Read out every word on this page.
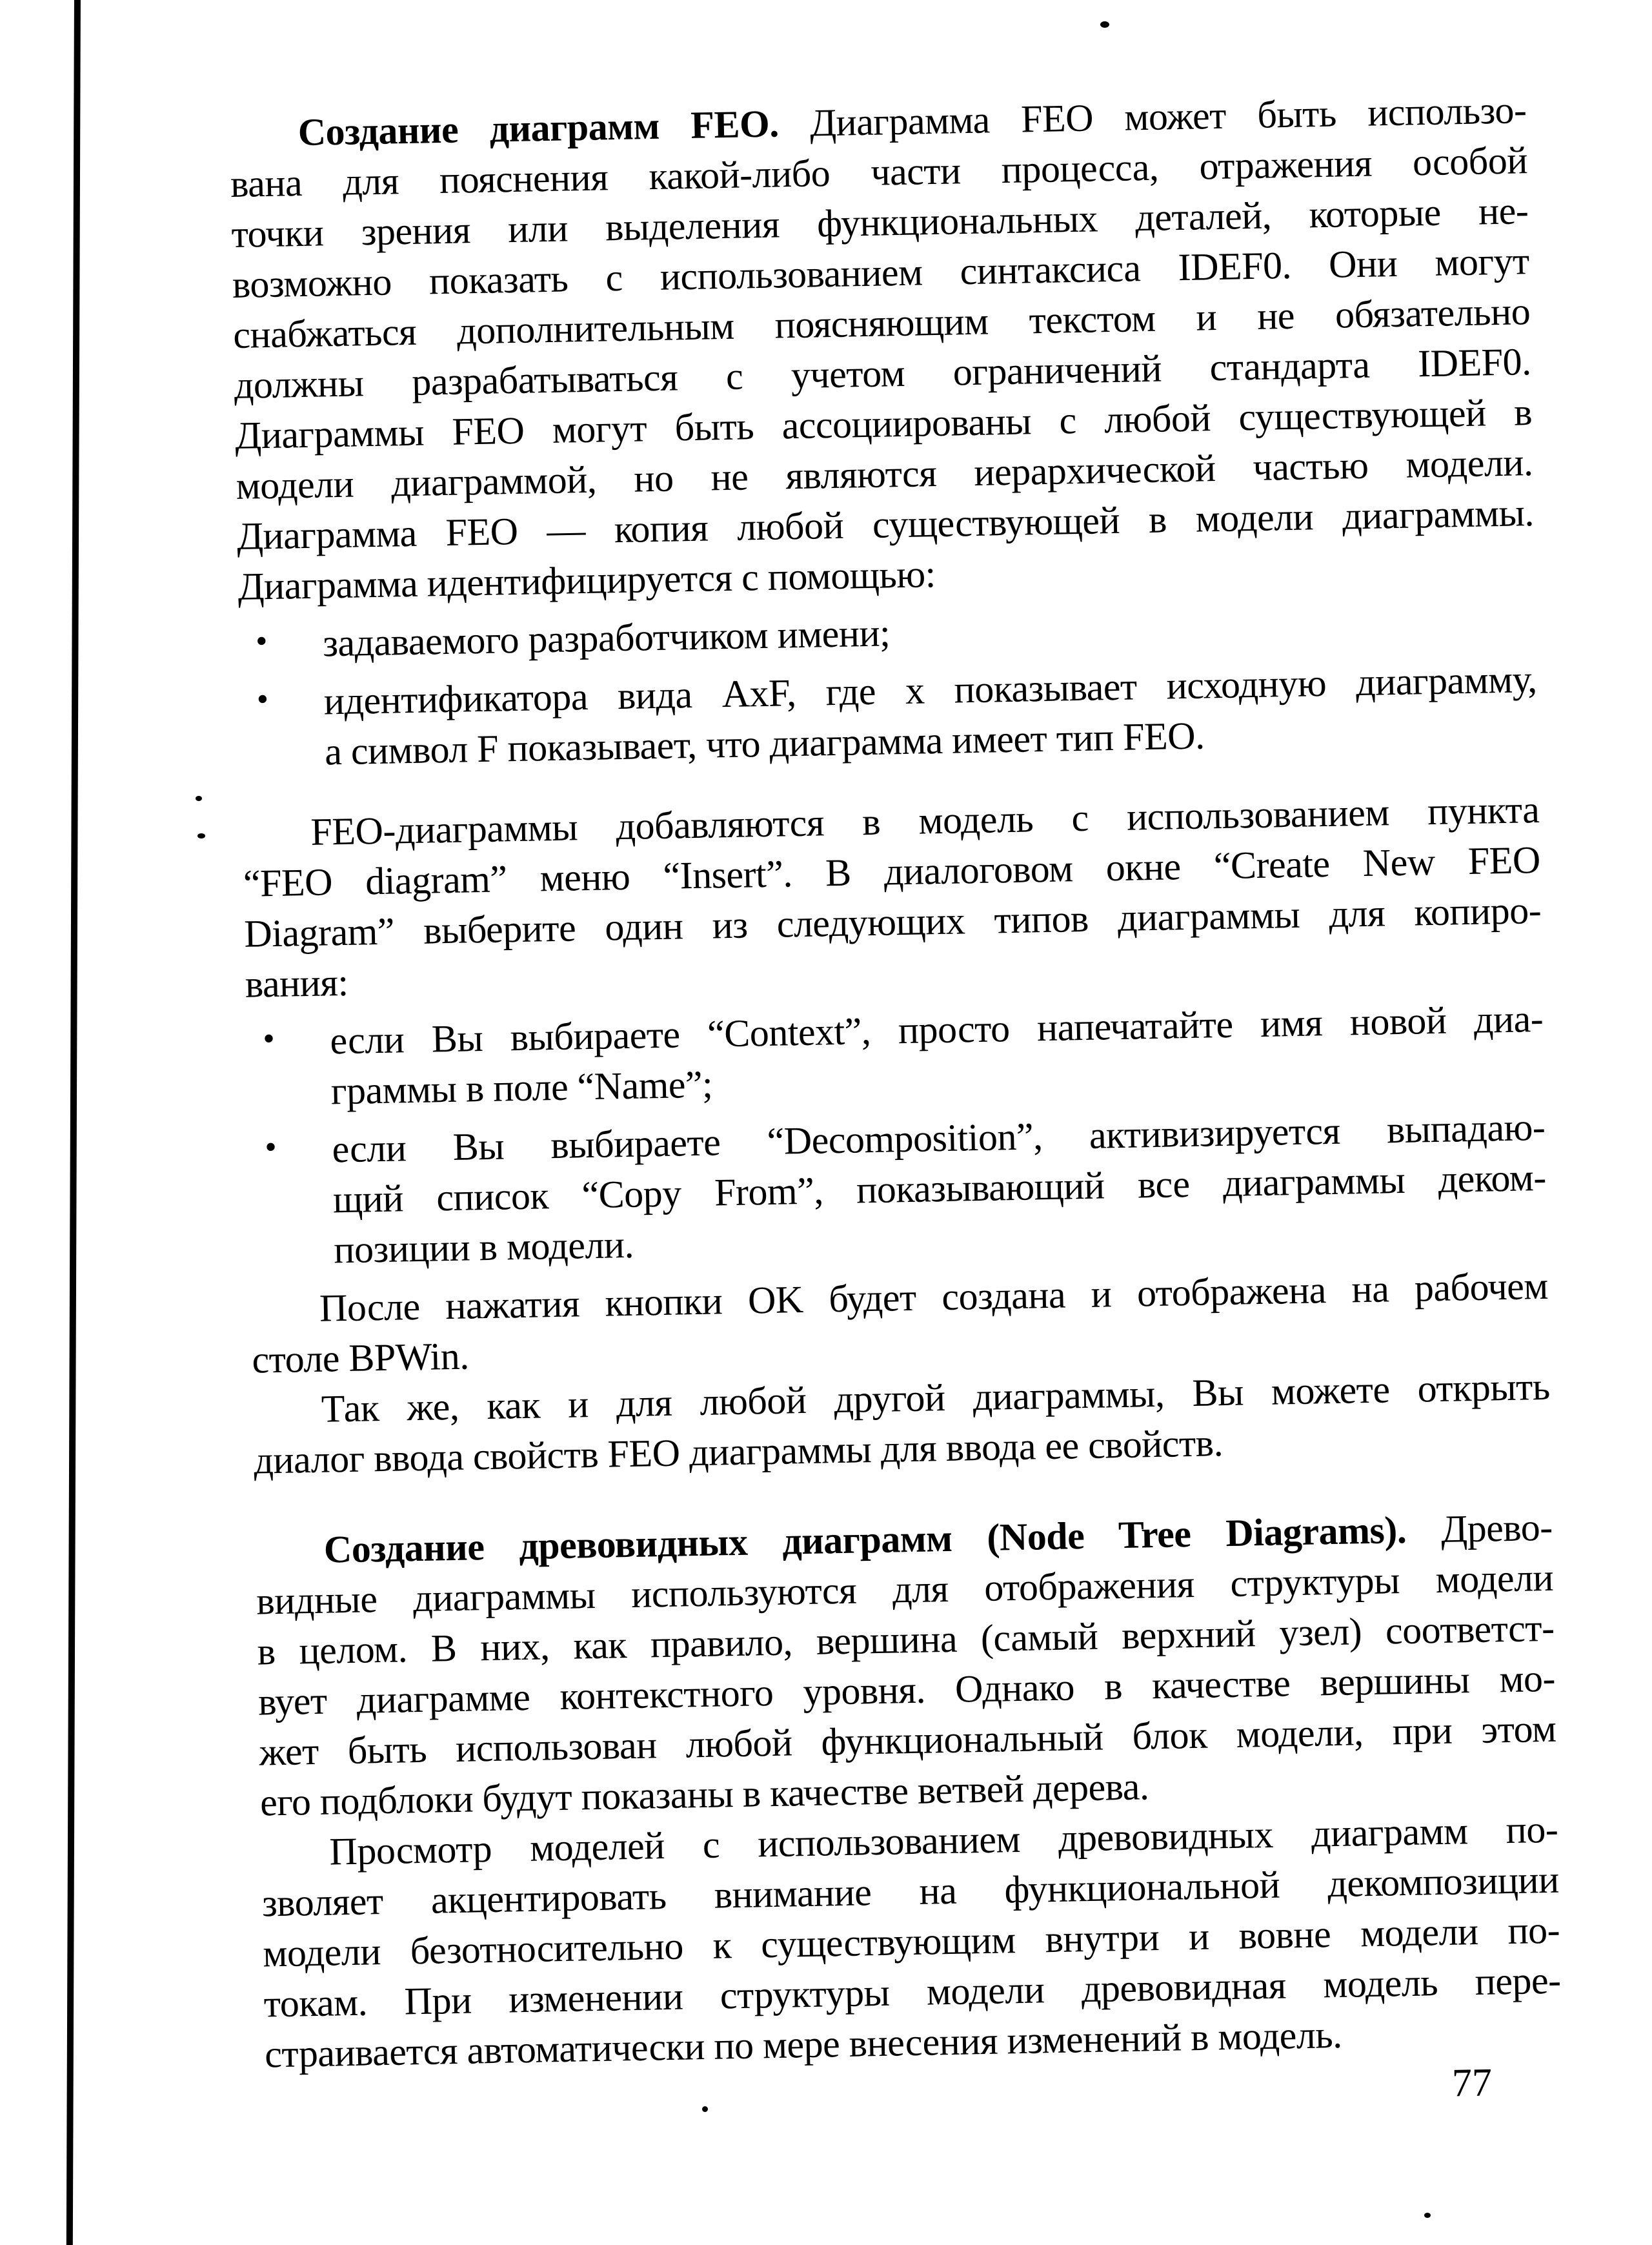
Создание диаграмм FEO. Диаграмма FEO может быть использо-
вана для пояснения какой-либо части процесса, отражения особой
точки зрения или выделения функциональных деталей, которые не-
возможно показать с использованием синтаксиса IDEF0. Они могут
снабжаться дополнительным поясняющим текстом и не обязательно
должны разрабатываться с учетом ограничений стандарта IDEF0.
Диаграммы FEO могут быть ассоциированы с любой существующей в
модели диаграммой, но не являются иерархической частью модели.
Диаграмма FEO — копия любой существующей в модели диаграммы.
Диаграмма идентифицируется с помощью:
• задаваемого разработчиком имени;
• идентификатора вида AxF, где x показывает исходную диаграмму,
а символ F показывает, что диаграмма имеет тип FEO.
FEO-диаграммы добавляются в модель с использованием пункта
“FEO diagram” меню “Insert”. В диалоговом окне “Create New FEO
Diagram” выберите один из следующих типов диаграммы для копиро-
вания:
• если Вы выбираете “Context”, просто напечатайте имя новой диа-
граммы в поле “Name”;
• если Вы выбираете “Decomposition”, активизируется выпадаю-
щий список “Copy From”, показывающий все диаграммы деком-
позиции в модели.
После нажатия кнопки OK будет создана и отображена на рабочем
столе BPWin.
Так же, как и для любой другой диаграммы, Вы можете открыть
диалог ввода свойств FEO диаграммы для ввода ее свойств.
Создание древовидных диаграмм (Node Tree Diagrams). Древо-
видные диаграммы используются для отображения структуры модели
в целом. В них, как правило, вершина (самый верхний узел) соответст-
вует диаграмме контекстного уровня. Однако в качестве вершины мо-
жет быть использован любой функциональный блок модели, при этом
его подблоки будут показаны в качестве ветвей дерева.
Просмотр моделей с использованием древовидных диаграмм по-
зволяет акцентировать внимание на функциональной декомпозиции
модели безотносительно к существующим внутри и вовне модели по-
токам. При изменении структуры модели древовидная модель пере-
страивается автоматически по мере внесения изменений в модель.
77
